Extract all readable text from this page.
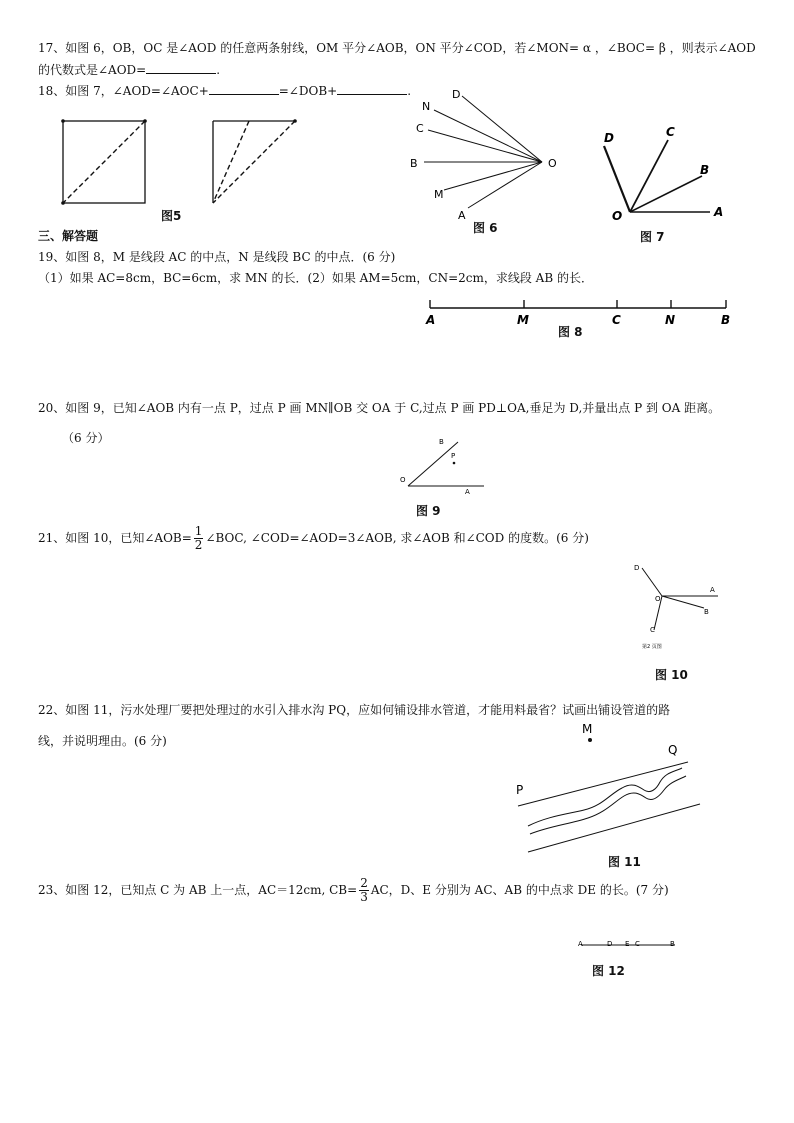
17、如图 6，OB，OC 是∠AOD 的任意两条射线，OM 平分∠AOB，ON 平分∠COD，若∠MON= α ，∠BOC= β ，则表示∠AOD
的代数式是∠AOD=	.
18、如图 7，∠AOD=∠AOC+	=∠DOB+	.
图5
D
N
C
B
M
A
O
图 6
D	C
B
O	A
图 7
三、解答题
19、如图 8，M 是线段 AC 的中点，N 是线段 BC 的中点．(6 分)
（1）如果 AC=8cm，BC=6cm，求 MN 的长．(2）如果 AM=5cm，CN=2cm，求线段 AB 的长．
A	M	C	N	B
图 8
20、如图 9，已知∠AOB 内有一点 P，过点 P 画 MN∥OB 交 OA 于 C,过点 P 画 PD⊥OA,垂足为 D,并量出点 P 到 OA 距离。
（6 分）	B
P
O
A
图 9
21、如图 10，已知∠AOB= $\frac{1}{2}$ ∠BOC, ∠COD=∠AOD=3∠AOB, 求∠AOB 和∠COD 的度数。(6 分)
D
A
O
B
C
第2 页图
图 10
22、如图 11，污水处理厂要把处理过的水引入排水沟 PQ，应如何铺设排水管道，才能用料最省？试画出铺设管道的路
线，并说明理由。(6 分)
M
Q
P
图 11
23、如图 12，已知点 C 为 AB 上一点，AC＝12cm, $CB= \frac{2}{3}$ AC，D、E 分别为 AC、AB 的中点求 DE 的长。(7 分)
A	D E C	B
图 12
